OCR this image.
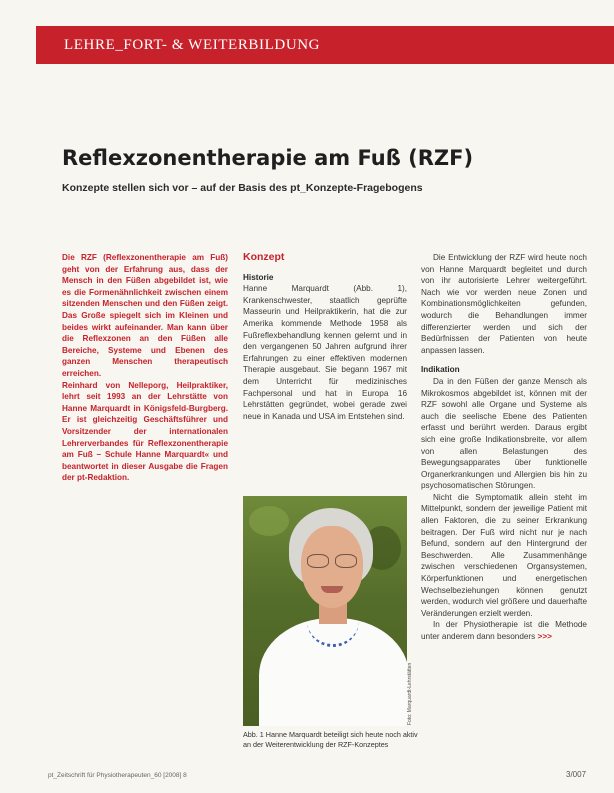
LEHRE_FORT- & WEITERBILDUNG
Reflexzonentherapie am Fuß (RZF)
Konzepte stellen sich vor – auf der Basis des pt_Konzepte-Fragebogens

Die RZF (Reflexzonentherapie am Fuß) geht von der Erfahrung aus, dass der Mensch in den Füßen abgebildet ist, wie es die Formenähnlichkeit zwischen einem sitzenden Menschen und den Füßen zeigt. Das Große spiegelt sich im Kleinen und beides wirkt aufeinander. Man kann über die Reflexzonen an den Füßen alle Bereiche, Systeme und Ebenen des ganzen Menschen therapeutisch erreichen.

Reinhard von Nelleporg, Heilpraktiker, lehrt seit 1993 an der Lehrstätte von Hanne Marquardt in Königsfeld-Burgberg. Er ist gleichzeitig Geschäftsführer und Vorsitzender der internationalen Lehrerverbandes für Reflexzonentherapie am Fuß – Schule Hanne Marquardt« und beantwortet in dieser Ausgabe die Fragen der pt-Redaktion.

Konzept
Historie

Hanne Marquardt (Abb. 1), Krankenschwester, staatlich geprüfte Masseurin und Heilpraktikerin, hat die zur Amerika kommende Methode 1958 als Fußreflexbehandlung kennen gelernt und in den vergangenen 50 Jahren aufgrund ihrer Erfahrungen zu einer effektiven modernen Therapie ausgebaut. Sie begann 1967 mit dem Unterricht für medizinisches Fachpersonal und hat in Europa 16 Lehrstätten gegründet, wobei gerade zwei neue in Kanada und USA im Entstehen sind.

Die Entwicklung der RZF wird heute noch von Hanne Marquardt begleitet und durch von ihr autorisierte Lehrer weitergeführt. Nach wie vor werden neue Zonen und Kombinationsmöglichkeiten gefunden, wodurch die Behandlungen immer differenzierter werden und sich der Bedürfnissen der Patienten von heute anpassen lassen.

Indikation

Da in den Füßen der ganze Mensch als Mikrokosmos abgebildet ist, können mit der RZF sowohl alle Organe und Systeme als auch die seelische Ebene des Patienten erfasst und berührt werden. Daraus ergibt sich eine große Indikationsbreite, vor allem von allen Belastungen des Bewegungsapparates über funktionelle Organerkrankungen und Allergien bis hin zu psychosomatischen Störungen.

Nicht die Symptomatik allein steht im Mittelpunkt, sondern der jeweilige Patient mit allen Faktoren, die zu seiner Erkrankung beitragen. Der Fuß wird nicht nur je nach Befund, sondern auf den Hintergrund der Beschwerden. Alle Zusammenhänge zwischen verschiedenen Organsystemen, Körperfunktionen und energetischen Wechselbeziehungen können genutzt werden, wodurch viel größere und dauerhafte Veränderungen erzielt werden.

In der Physiotherapie ist die Methode unter anderem dann besonders >>>

Foto: Marquardt-Lehrstätten
Abb. 1 Hanne Marquardt beteiligt sich heute noch aktiv an der Weiterentwicklung der RZF-Konzeptes
pt_Zeitschrift für Physiotherapeuten_60 [2008] 8	3/007
